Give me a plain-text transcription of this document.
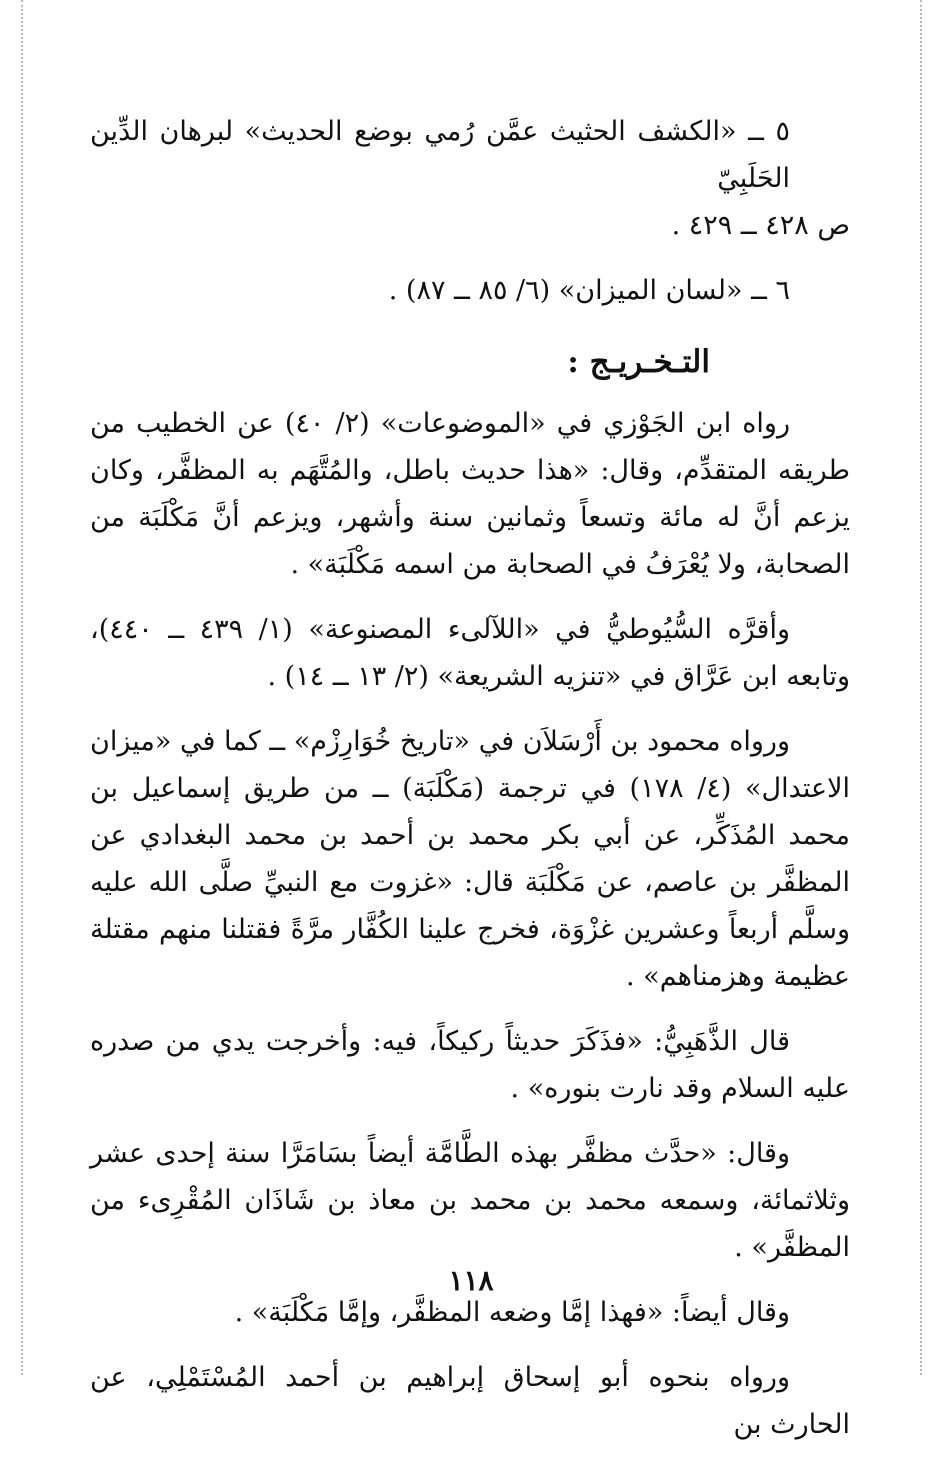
٥ ــ «الكشف الحثيث عمَّن رُمي بوضع الحديث» لبرهان الدِّين الحَلَبِيّ
ص ٤٢٨ ــ ٤٢٩ .
٦ ــ «لسان الميزان» (٦/ ٨٥ ــ ٨٧) .
التـخـريـج :

رواه ابن الجَوْزي في «الموضوعات» (٢/ ٤٠) عن الخطيب من طريقه المتقدِّم، وقال: «هذا حديث باطل، والمُتَّهَم به المظفَّر، وكان يزعم أنَّ له مائة وتسعاً وثمانين سنة وأشهر، ويزعم أنَّ مَكْلَبَة من الصحابة، ولا يُعْرَفُ في الصحابة من اسمه مَكْلَبَة» .

وأقرَّه السُّيُوطيُّ في «اللآلىء المصنوعة» (١/ ٤٣٩ ــ ٤٤٠)، وتابعه ابن عَرَّاق في «تنزيه الشريعة» (٢/ ١٣ ــ ١٤) .

ورواه محمود بن أَرْسَلاَن في «تاريخ خُوَارِزْم» ــ كما في «ميزان الاعتدال» (٤/ ١٧٨) في ترجمة (مَكْلَبَة) ــ من طريق إسماعيل بن محمد المُذَكِّر، عن أبي بكر محمد بن أحمد بن محمد البغدادي عن المظفَّر بن عاصم، عن مَكْلَبَة قال: «غزوت مع النبيِّ صلَّى الله عليه وسلَّم أربعاً وعشرين غزْوَة، فخرج علينا الكُفَّار مرَّةً فقتلنا منهم مقتلة عظيمة وهزمناهم» .

قال الذَّهَبِيُّ: «فذَكَرَ حديثاً ركيكاً، فيه: وأخرجت يدي من صدره عليه السلام وقد نارت بنوره» .

وقال: «حدَّث مظفَّر بهذه الطَّامَّة أيضاً بسَامَرَّا سنة إحدى عشر وثلاثمائة، وسمعه محمد بن محمد بن معاذ بن شَاذَان المُقْرِىء من المظفَّر» .

وقال أيضاً: «فهذا إمَّا وضعه المظفَّر، وإمَّا مَكْلَبَة» .

ورواه بنحوه أبو إسحاق إبراهيم بن أحمد المُسْتَمْلِي، عن الحارث بن

١١٨
